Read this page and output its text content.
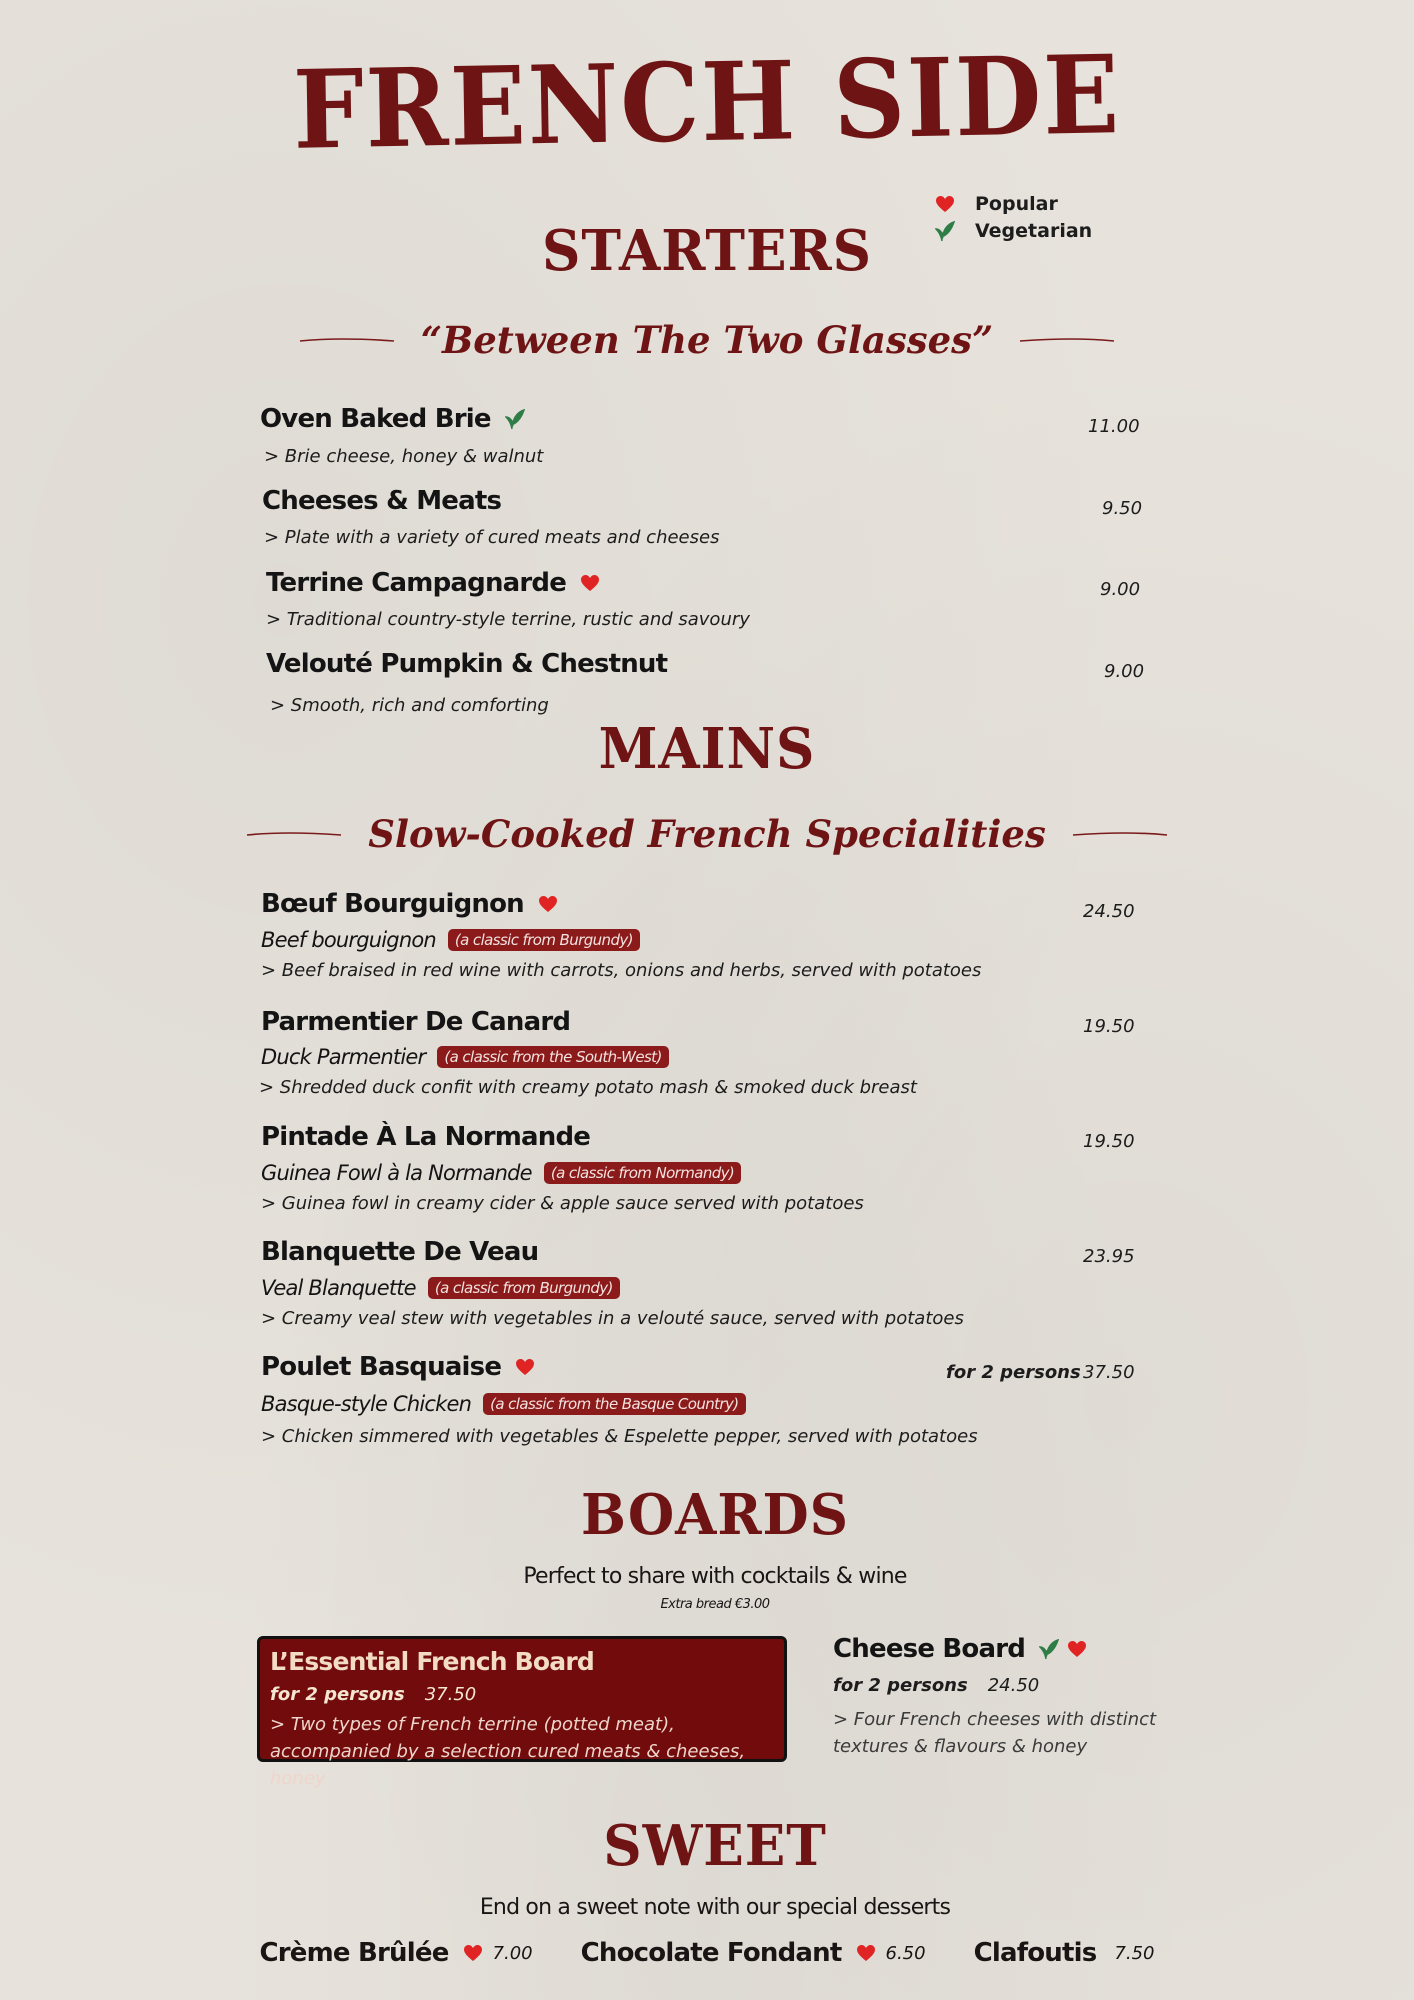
FRENCH SIDE
Popular
Vegetarian
STARTERS
“Between The Two Glasses”
Oven Baked Brie	11.00
> Brie cheese, honey & walnut
Cheeses & Meats	9.50
> Plate with a variety of cured meats and cheeses
Terrine Campagnarde	9.00
> Traditional country-style terrine, rustic and savoury
Velouté Pumpkin & Chestnut	9.00
> Smooth, rich and comforting
MAINS
Slow-Cooked French Specialities
Bœuf Bourguignon	24.50
Beef bourguignon	(a classic from Burgundy)
> Beef braised in red wine with carrots, onions and herbs, served with potatoes
Parmentier De Canard	19.50
Duck Parmentier	(a classic from the South-West)
> Shredded duck confit with creamy potato mash & smoked duck breast
Pintade À La Normande	19.50
Guinea Fowl à la Normande	(a classic from Normandy)
> Guinea fowl in creamy cider & apple sauce served with potatoes
Blanquette De Veau	23.95
Veal Blanquette	(a classic from Burgundy)
> Creamy veal stew with vegetables in a velouté sauce, served with potatoes
Poulet Basquaise	for 2 persons 37.50
Basque-style Chicken	(a classic from the Basque Country)
> Chicken simmered with vegetables & Espelette pepper, served with potatoes
BOARDS
Perfect to share with cocktails & wine
Extra bread €3.00
L’Essential French Board
for 2 persons 37.50
> Two types of French terrine (potted meat), accompanied by a selection cured meats & cheeses, honey
Cheese Board
for 2 persons 24.50
> Four French cheeses with distinct textures & flavours & honey
SWEET
End on a sweet note with our special desserts
Crème Brûlée 7.00 Chocolate Fondant 6.50 Clafoutis 7.50
